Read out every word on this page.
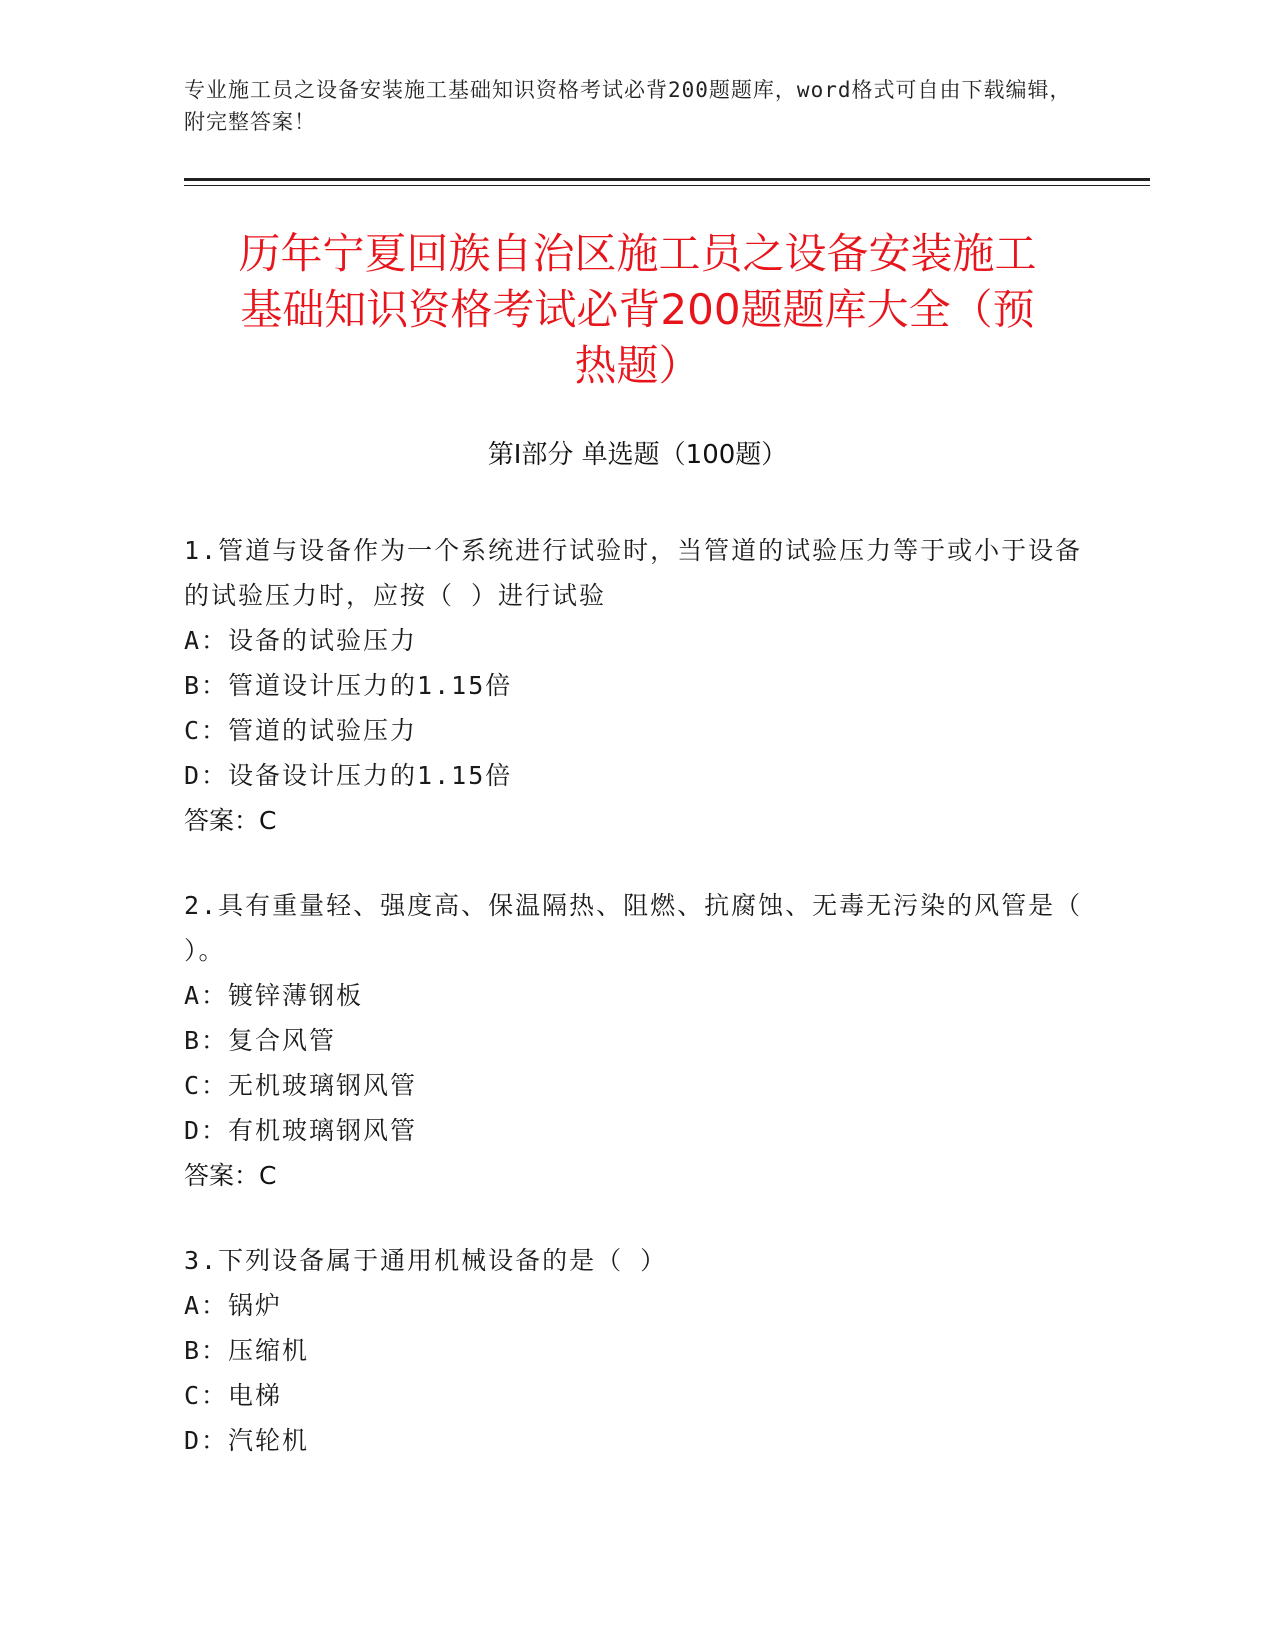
专业施工员之设备安装施工基础知识资格考试必背200题题库，word格式可自由下载编辑，附完整答案！
历年宁夏回族自治区施工员之设备安装施工
基础知识资格考试必背200题题库大全（预
热题）
第Ⅰ部分 单选题（100题）
1.管道与设备作为一个系统进行试验时，当管道的试验压力等于或小于设备的试验压力时，应按（ ）进行试验
A：设备的试验压力
B：管道设计压力的1.15倍
C：管道的试验压力
D：设备设计压力的1.15倍
答案：C
2.具有重量轻、强度高、保温隔热、阻燃、抗腐蚀、无毒无污染的风管是（ ）。
A：镀锌薄钢板
B：复合风管
C：无机玻璃钢风管
D：有机玻璃钢风管
答案：C
3.下列设备属于通用机械设备的是（ ）
A：锅炉
B：压缩机
C：电梯
D：汽轮机
